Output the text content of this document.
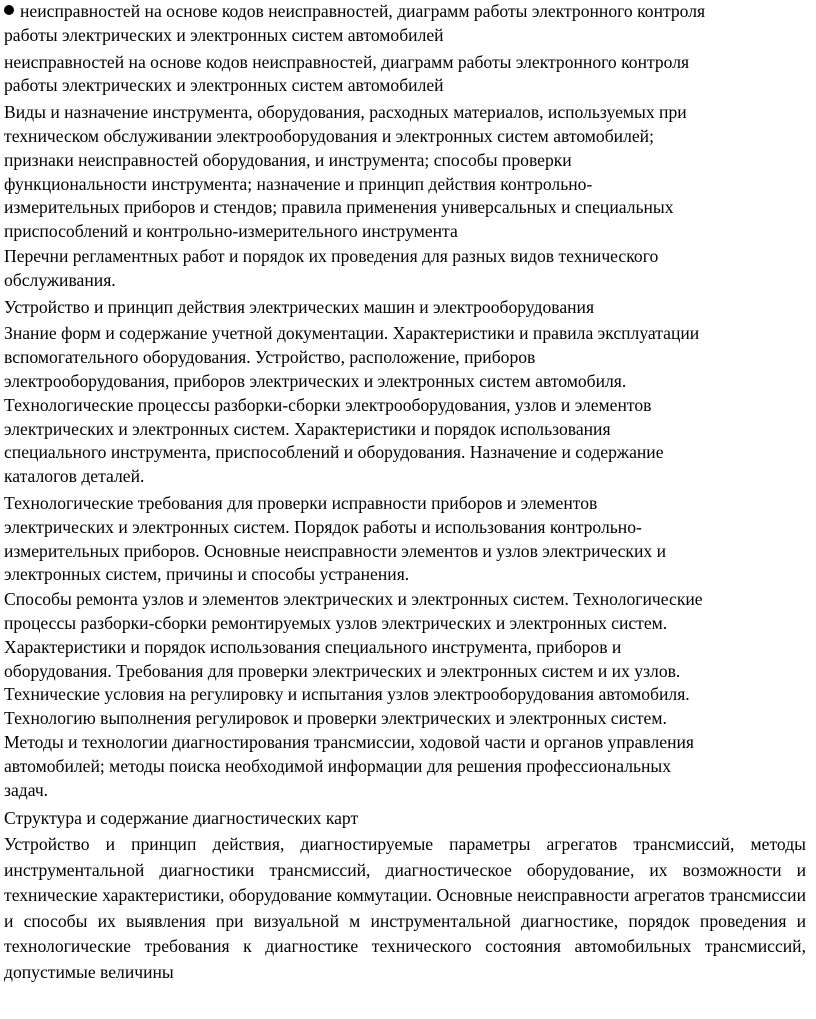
неисправностей на основе кодов неисправностей, диаграмм работы электронного контроля
работы электрических и электронных систем автомобилей

неисправностей на основе кодов неисправностей, диаграмм работы электронного контроля
работы электрических и электронных систем автомобилей

Виды и назначение инструмента, оборудования, расходных материалов, используемых при
техническом обслуживании электрооборудования и электронных систем автомобилей;
признаки неисправностей оборудования, и инструмента; способы проверки
функциональности инструмента; назначение и принцип действия контрольно-
измерительных приборов и стендов; правила применения универсальных и специальных
приспособлений и контрольно-измерительного инструмента

Перечни регламентных работ и порядок их проведения для разных видов технического
обслуживания.

Устройство и принцип действия электрических машин и электрооборудования

Знание форм и содержание учетной документации. Характеристики и правила эксплуатации
вспомогательного оборудования. Устройство, расположение, приборов
электрооборудования, приборов электрических и электронных систем автомобиля.
Технологические процессы разборки-сборки электрооборудования, узлов и элементов
электрических и электронных систем. Характеристики и порядок использования
специального инструмента, приспособлений и оборудования. Назначение и содержание
каталогов деталей.

Технологические требования для проверки исправности приборов и элементов
электрических и электронных систем. Порядок работы и использования контрольно-
измерительных приборов. Основные неисправности элементов и узлов электрических и
электронных систем, причины и способы устранения.

Способы ремонта узлов и элементов электрических и электронных систем. Технологические
процессы разборки-сборки ремонтируемых узлов электрических и электронных систем.
Характеристики и порядок использования специального инструмента, приборов и
оборудования. Требования для проверки электрических и электронных систем и их узлов.
Технические условия на регулировку и испытания узлов электрооборудования автомобиля.
Технологию выполнения регулировок и проверки электрических и электронных систем.
Методы и технологии диагностирования трансмиссии, ходовой части и органов управления
автомобилей; методы поиска необходимой информации для решения профессиональных
задач.

Структура и содержание диагностических карт

Устройство и принцип действия, диагностируемые параметры агрегатов трансмиссий, методы инструментальной диагностики трансмиссий, диагностическое оборудование, их возможности и технические характеристики, оборудование коммутации. Основные неисправности агрегатов трансмиссии и способы их выявления при визуальной м инструментальной диагностике, порядок проведения и технологические требования к диагностике технического состояния автомобильных трансмиссий, допустимые величины
